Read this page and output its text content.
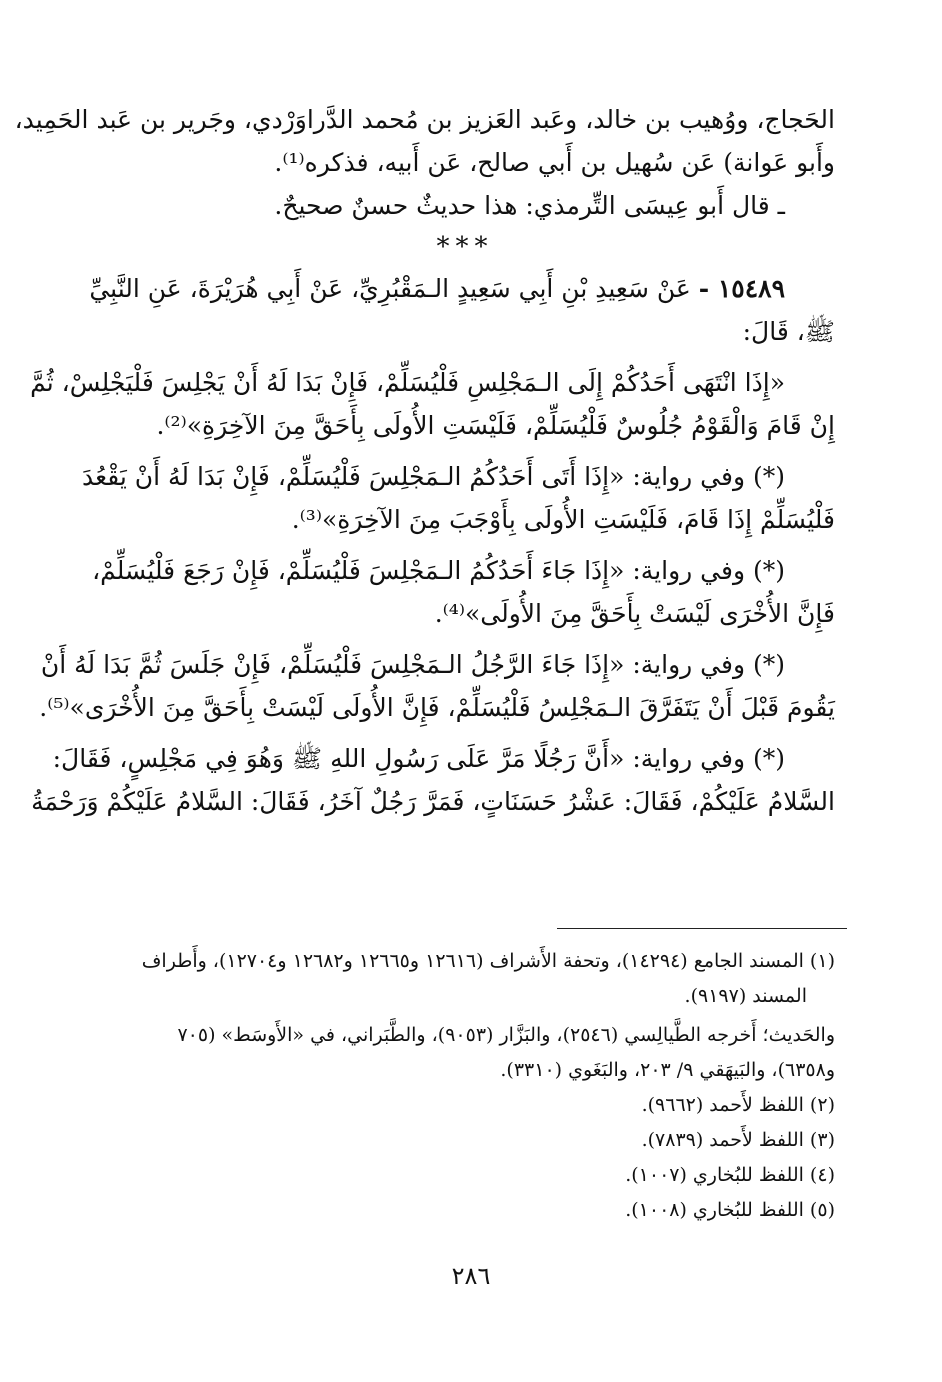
الحَجاج، ووُهيب بن خالد، وعَبد العَزيز بن مُحمد الدَّراوَرْدي، وجَرير بن عَبد الحَمِيد،

وأَبو عَوانة) عَن سُهيل بن أَبي صالح، عَن أَبيه، فذكره⁽¹⁾.

ـ قال أَبو عِيسَى التِّرمذي: هذا حديثٌ حسنٌ صحيحٌ.

***

١٥٤٨٩ - عَنْ سَعِيدِ بْنِ أَبِي سَعِيدٍ الـمَقْبُرِيِّ، عَنْ أَبِي هُرَيْرَةَ، عَنِ النَّبِيِّ

ﷺ، قَالَ:

«إِذَا انْتَهَى أَحَدُكُمْ إِلَى الـمَجْلِسِ فَلْيُسَلِّمْ، فَإِنْ بَدَا لَهُ أَنْ يَجْلِسَ فَلْيَجْلِسْ، ثُمَّ

إِنْ قَامَ وَالْقَوْمُ جُلُوسٌ فَلْيُسَلِّمْ، فَلَيْسَتِ الأُولَى بِأَحَقَّ مِنَ الآخِرَةِ»⁽²⁾.

(*) وفي رواية: «إِذَا أَتَى أَحَدُكُمُ الـمَجْلِسَ فَلْيُسَلِّمْ، فَإِنْ بَدَا لَهُ أَنْ يَقْعُدَ

فَلْيُسَلِّمْ إِذَا قَامَ، فَلَيْسَتِ الأُولَى بِأَوْجَبَ مِنَ الآخِرَةِ»⁽³⁾.

(*) وفي رواية: «إِذَا جَاءَ أَحَدُكُمُ الـمَجْلِسَ فَلْيُسَلِّمْ، فَإِنْ رَجَعَ فَلْيُسَلِّمْ،

فَإِنَّ الأُخْرَى لَيْسَتْ بِأَحَقَّ مِنَ الأُولَى»⁽⁴⁾.

(*) وفي رواية: «إِذَا جَاءَ الرَّجُلُ الـمَجْلِسَ فَلْيُسَلِّمْ، فَإِنْ جَلَسَ ثُمَّ بَدَا لَهُ أَنْ

يَقُومَ قَبْلَ أَنْ يَتَفَرَّقَ الـمَجْلِسُ فَلْيُسَلِّمْ، فَإِنَّ الأُولَى لَيْسَتْ بِأَحَقَّ مِنَ الأُخْرَى»⁽⁵⁾.

(*) وفي رواية: «أَنَّ رَجُلًا مَرَّ عَلَى رَسُولِ اللهِ ﷺ وَهُوَ فِي مَجْلِسٍ، فَقَالَ:

السَّلامُ عَلَيْكُمْ، فَقَالَ: عَشْرُ حَسَنَاتٍ، فَمَرَّ رَجُلٌ آخَرُ، فَقَالَ: السَّلامُ عَلَيْكُمْ وَرَحْمَةُ

(١) المسند الجامع (١٤٢٩٤)، وتحفة الأَشراف (١٢٦١٦ و١٢٦٦٥ و١٢٦٨٢ و١٢٧٠٤)، وأَطراف

المسند (٩١٩٧).

والحَديث؛ أَخرجه الطَّيالِسي (٢٥٤٦)، والبَزَّار (٩٠٥٣)، والطَّبَراني، في «الأَوسَط» (٧٠٥

و٦٣٥٨)، والبَيهَقي ٩/ ٢٠٣، والبَغَوي (٣٣١٠).

(٢) اللفظ لأَحمد (٩٦٦٢).

(٣) اللفظ لأَحمد (٧٨٣٩).

(٤) اللفظ للبُخاري (١٠٠٧).

(٥) اللفظ للبُخاري (١٠٠٨).

٢٨٦
